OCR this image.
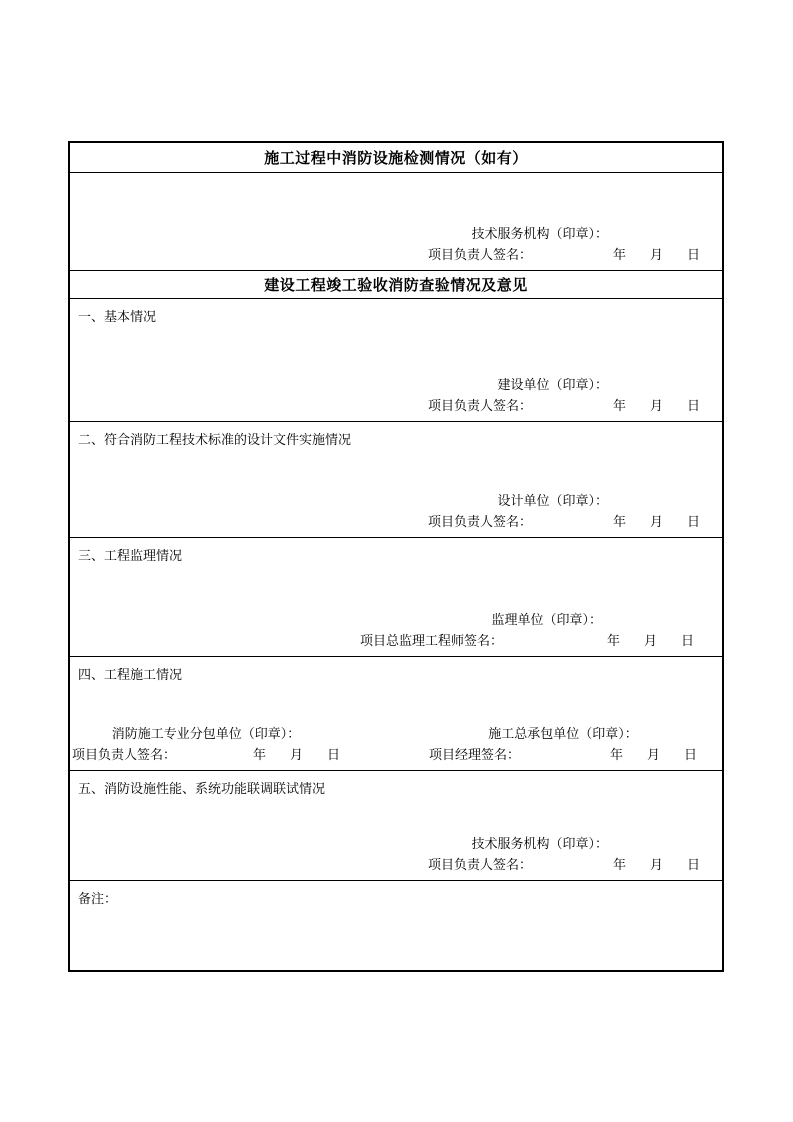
施工过程中消防设施检测情况（如有）
技术服务机构（印章）：
项目负责人签名：	年 月 日
建设工程竣工验收消防查验情况及意见
一、基本情况
建设单位（印章）：
项目负责人签名：	年 月 日
二、符合消防工程技术标准的设计文件实施情况
设计单位（印章）：
项目负责人签名：	年 月 日
三、工程监理情况
监理单位（印章）：
项目总监理工程师签名：	年 月 日
四、工程施工情况
消防施工专业分包单位（印章）：
项目负责人签名：	年 月 日
施工总承包单位（印章）：
项目经理签名：	年 月 日
五、消防设施性能、系统功能联调联试情况
技术服务机构（印章）：
项目负责人签名：	年 月 日
备注：
